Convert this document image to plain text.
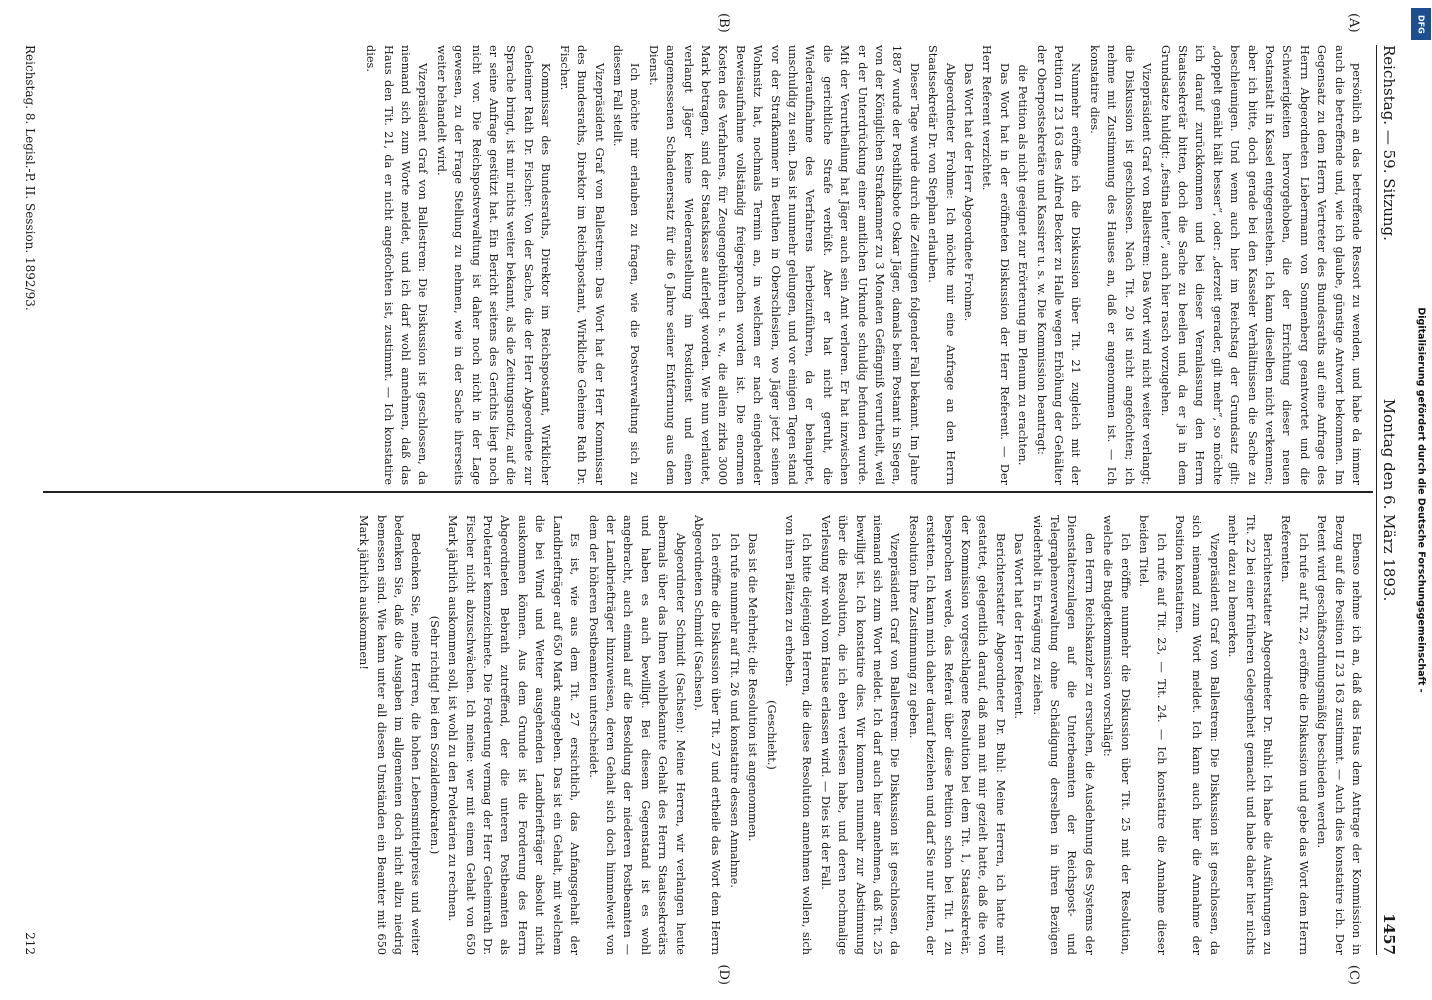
Reichstag. — 59. Sitzung.
Montag den 6. März 1893.
1457
(A)
(B)
(C)
(D)

persönlich an das betreffende Ressort zu wenden, und habe da immer auch die betreffende und, wie ich glaube, günstige Antwort bekommen. Im Gegensatz zu dem Herrn Vertreter des Bundesraths auf eine Anfrage des Herrn Abgeordneten Liebermann von Sonnenberg geantwortet und die Schwierigkeiten hervorgehoben, die der Errichtung dieser neuen Postanstalt in Kassel entgegenstehen. Ich kann dieselben nicht verkennen; aber ich bitte, doch gerade bei den Kasseler Verhältnissen die Sache zu beschleunigen. Und wenn auch hier im Reichstag der Grundsatz gilt: „doppelt genäht hält besser“, oder: „derzeit gerader, gilt mehr“, so möchte ich darauf zurückkommen und bei dieser Veranlassung den Herrn Staatssekretär bitten, doch die Sache zu beeilen und, da er ja in dem Grundsatze huldigt: „festina lente“, auch hier rasch vorzugehen.

Vizepräsident Graf von Ballestrem: Das Wort wird nicht weiter verlangt; die Diskussion ist geschlossen. Nach Tit. 20 ist nicht angefochten; ich nehme mit Zustimmung des Hauses an, daß er angenommen ist. — Ich konstatire dies.

Nunmehr eröffne ich die Diskussion über Tit. 21 zugleich mit der Petition II 23 163 des Alfred Becker zu Halle wegen Erhöhung der Gehälter der Oberpostsekretäre und Kassirer u. s. w. Die Kommission beantragt:

die Petition als nicht geeignet zur Erörterung im Plenum zu erachten.

Das Wort hat in der eröffneten Diskussion der Herr Referent. — Der Herr Referent verzichtet.

Das Wort hat der Herr Abgeordnete Frohme.

Abgeordneter Frohme: Ich möchte mir eine Anfrage an den Herrn Staatssekretär Dr. von Stephan erlauben.

Dieser Tage wurde durch die Zeitungen folgender Fall bekannt. Im Jahre 1887 wurde der Posthilfsbote Oskar Jäger, damals beim Postamt in Siegen, von der Königlichen Strafkammer zu 3 Monaten Gefängniß verurtheilt, weil er der Unterdrückung einer amtlichen Urkunde schuldig befunden wurde. Mit der Verurtheilung hat Jäger auch sein Amt verloren. Er hat inzwischen die gerichtliche Strafe verbüßt. Aber er hat nicht geruht, die Wiederaufnahme des Verfahrens herbeizuführen, da er behauptet, unschuldig zu sein. Das ist nunmehr gelungen, und vor einigen Tagen stand vor der Strafkammer in Beuthen in Oberschlesien, wo Jäger jetzt seinen Wohnsitz hat, nochmals Termin an, in welchem er nach eingehender Beweisaufnahme vollständig freigesprochen worden ist. Die enormen Kosten des Verfahrens, für Zeugengebühren u. s. w., die allein zirka 3000 Mark betragen, sind der Staatskasse auferlegt worden. Wie nun verlautet, verlangt Jäger keine Wiederanstellung im Postdienst und einen angemessenen Schadenersatz für die 6 Jahre seiner Entfernung aus dem Dienst.

Ich möchte mir erlauben zu fragen, wie die Postverwaltung sich zu diesem Fall stellt.

Vizepräsident Graf von Ballestrem: Das Wort hat der Herr Kommissar des Bundesraths, Direktor im Reichspostamt, Wirkliche Geheime Rath Dr. Fischer.

Kommissar des Bundesraths, Direktor im Reichspostamt, Wirklicher Geheimer Rath Dr. Fischer: Von der Sache, die der Herr Abgeordnete zur Sprache bringt, ist mir nichts weiter bekannt, als die Zeitungsnotiz, auf die er seine Anfrage gestützt hat. Ein Bericht seitens des Gerichts liegt noch nicht vor. Die Reichspostverwaltung ist daher noch nicht in der Lage gewesen, zu der Frage Stellung zu nehmen, wie in der Sache ihrerseits weiter behandelt wird.

Vizepräsident Graf von Ballestrem: Die Diskussion ist geschlossen, da niemand sich zum Worte meldet, und ich darf wohl annehmen, daß das Haus den Tit. 21, da er nicht angefochten ist, zustimmt. — Ich konstatire dies.

Ebenso nehme ich an, daß das Haus dem Antrage der Kommission in Bezug auf die Position II 23 163 zustimmt. — Auch dies konstatire ich. Der Petent wird geschäftsordnungsmäßig beschieden werden.

Ich rufe auf Tit. 22, eröffne die Diskussion und gebe das Wort dem Herrn Referenten.

Berichterstatter Abgeordneter Dr. Buhl: Ich habe die Ausführungen zu Tit. 22 bei einer früheren Gelegenheit gemacht und habe daher hier nichts mehr dazu zu bemerken.

Vizepräsident Graf von Ballestrem: Die Diskussion ist geschlossen, da sich niemand zum Wort meldet. Ich kann auch hier die Annahme der Position konstatiren.

Ich rufe auf Tit. 23, — Tit. 24. — Ich konstatire die Annahme dieser beiden Titel.

Ich eröffne nunmehr die Diskussion über Tit. 25 mit der Resolution, welche die Budgetkommission vorschlägt:

den Herrn Reichskanzler zu ersuchen, die Ausdehnung des Systems der Dienstalterszulagen auf die Unterbeamten der Reichspost- und Telegraphenverwaltung ohne Schädigung derselben in ihren Bezügen wiederholt in Erwägung zu ziehen.

Das Wort hat der Herr Referent.

Berichterstatter Abgeordneter Dr. Buhl: Meine Herren, ich hatte mir gestattet, gelegentlich darauf, daß man mit mir gezielt hatte, daß die von der Kommission vorgeschlagene Resolution bei dem Tit. 1, Staatssekretär, besprochen werde, das Referat über diese Petition schon bei Tit. 1 zu erstatten. Ich kann mich daher darauf beziehen und darf Sie nur bitten, der Resolution Ihre Zustimmung zu geben.

Vizepräsident Graf von Ballestrem: Die Diskussion ist geschlossen, da niemand sich zum Wort meldet. Ich darf auch hier annehmen, daß Tit. 25 bewilligt ist. Ich konstatire dies. Wir kommen nunmehr zur Abstimmung über die Resolution, die ich eben verlesen habe, und deren nochmalige Verlesung wir wohl vom Hause erlassen wird. — Dies ist der Fall.

Ich bitte diejenigen Herren, die diese Resolution annehmen wollen, sich von ihren Plätzen zu erheben.

(Geschieht.)

Das ist die Mehrheit; die Resolution ist angenommen.

Ich rufe nunmehr auf Tit. 26 und konstatire dessen Annahme.

Ich eröffne die Diskussion über Tit. 27 und ertheile das Wort dem Herrn Abgeordneten Schmidt (Sachsen).

Abgeordneter Schmidt (Sachsen): Meine Herren, wir verlangen heute abermals über das Ihnen wohlbekannte Gehalt des Herrn Staatssekretärs und haben es auch bewilligt. Bei diesem Gegenstand ist es wohl angebracht, auch einmal auf die Besoldung der niederen Postbeamten — der Landbriefträger hinzuweisen, deren Gehalt sich doch himmelweit von dem der höheren Postbeamten unterscheidet.

Es ist, wie aus dem Tit. 27 ersichtlich, das Anfangsgehalt der Landbriefträger auf 650 Mark angegeben. Das ist ein Gehalt, mit welchem die bei Wind und Wetter ausgehenden Landbriefträger absolut nicht auskommen können. Aus dem Grunde ist die Forderung des Herrn Abgeordneten Bebrath zutreffend, der die unteren Postbeamten als Proletarier kennzeichnete. Die Forderung vermag der Herr Geheimrath Dr. Fischer nicht abzuschwächen. Ich meine: wer mit einem Gehalt von 650 Mark jährlich auskommen soll, ist wohl zu den Proletarien zu rechnen.

(Sehr richtig! bei den Sozialdemokraten.)

Bedenken Sie, meine Herren, die hohen Lebensmittelpreise und weiter bedenken Sie, daß die Ausgaben im allgemeinen doch nicht allzu niedrig bemessen sind. Wie kann unter all diesen Umständen ein Beamter mit 650 Mark jährlich auskommen!

Reichstag. 8. Legisl.-P. II. Session. 1892/93.
212
Digitalisierung gefördert durch die Deutsche Forschungsgemeinschaft -
DFG
